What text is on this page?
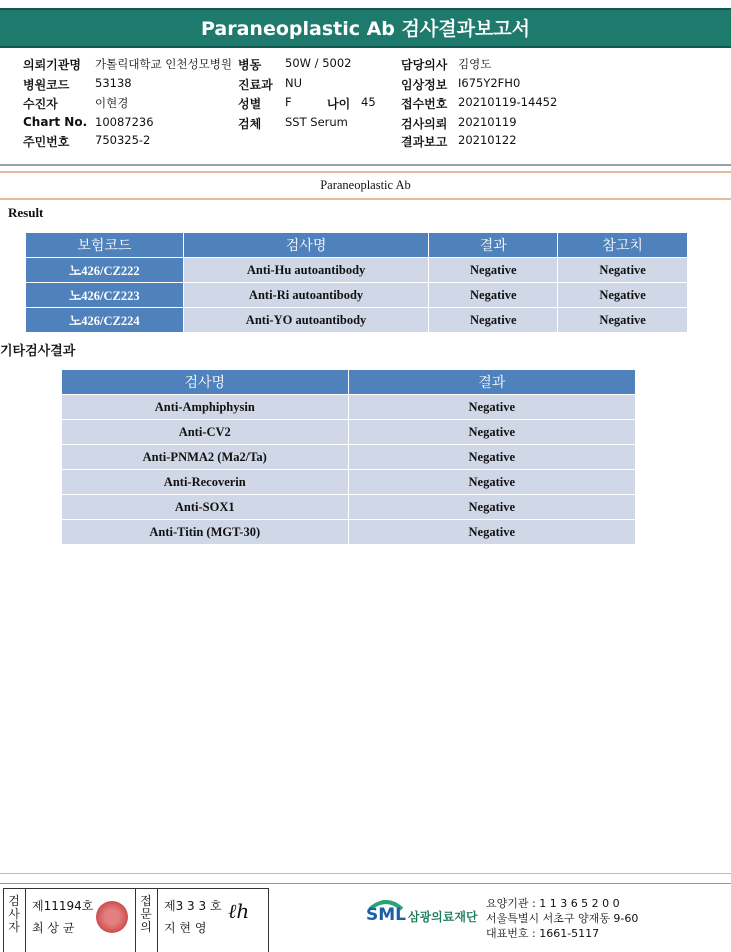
Paraneoplastic Ab 검사결과보고서
의뢰기관명 가톨릭대학교 인천성모병원 병동 50W / 5002	담당의사 김영도
병원코드 53138	진료과 NU	임상정보 I675Y2FH0
수진자	이현경	성별 F	나이 45 접수번호 20210119-14452
Chart No. 10087236	검체 SST Serum	검사의뢰 20210119
주민번호 750325-2	결과보고 20210122
Paraneoplastic Ab
Result
보험코드	검사명	결과	참고치
노426/CZ222	Anti-Hu autoantibody	Negative	Negative
노426/CZ223	Anti-Ri autoantibody	Negative	Negative
노426/CZ224	Anti-YO autoantibody	Negative	Negative
기타검사결과
검사명	결과
Anti-Amphiphysin	Negative
Anti-CV2	Negative
Anti-PNMA2 (Ma2/Ta)	Negative
Anti-Recoverin	Negative
Anti-SOX1	Negative
Anti-Titin (MGT-30)	Negative
검사자
제11194호
최 상 균
접문의
제3 3 3 호
지 현 영
ℓh	SML 삼광의료재단
요양기관 : 1 1 3 6 5 2 0 0
서울특별시 서초구 양재동 9-60
대표번호 : 1661-5117
